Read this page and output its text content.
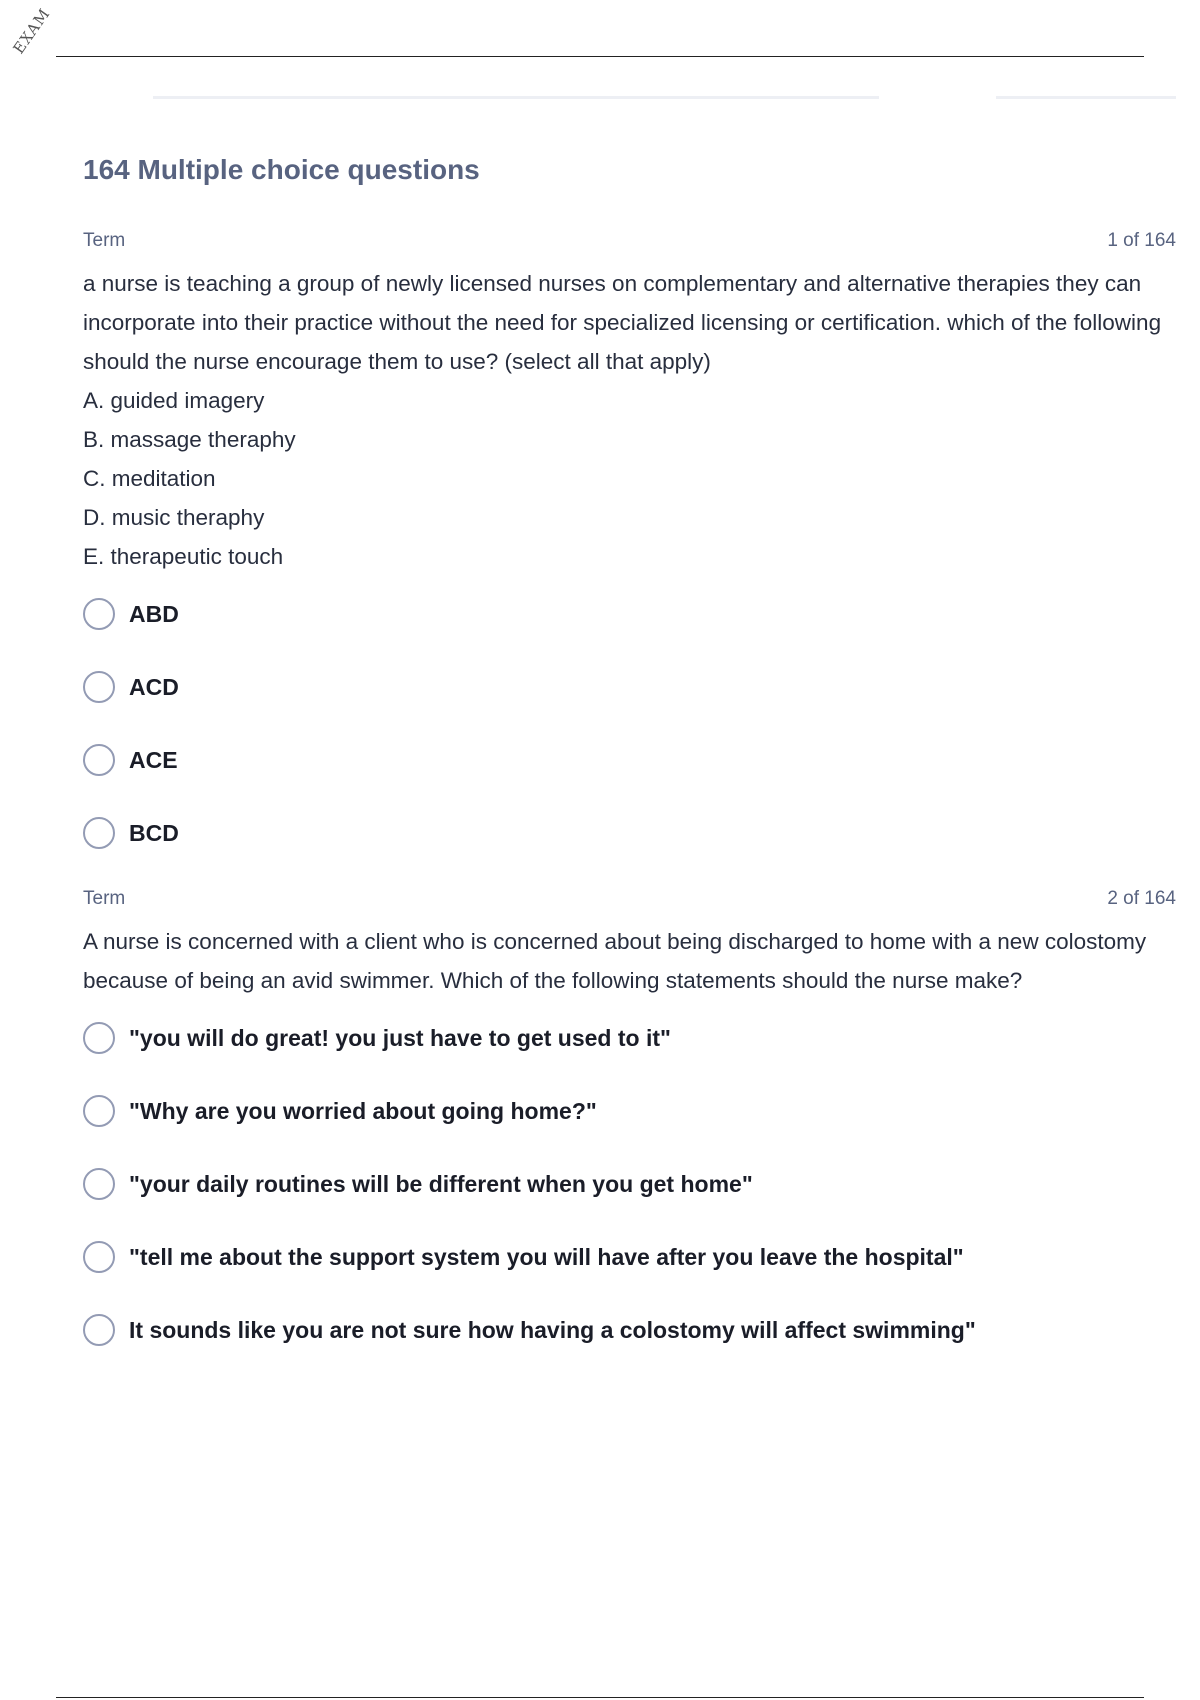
EXAM
164 Multiple choice questions
Term	1 of 164

a nurse is teaching a group of newly licensed nurses on complementary and alternative therapies they can incorporate into their practice without the need for specialized licensing or certification. which of the following should the nurse encourage them to use? (select all that apply)

A. guided imagery

B. massage theraphy

C. meditation

D. music theraphy

E. therapeutic touch

ABD
ACD
ACE
BCD
Term	2 of 164

A nurse is concerned with a client who is concerned about being discharged to home with a new colostomy because of being an avid swimmer. Which of the following statements should the nurse make?

"you will do great! you just have to get used to it"
"Why are you worried about going home?"
"your daily routines will be different when you get home"
"tell me about the support system you will have after you leave the hospital"
It sounds like you are not sure how having a colostomy will affect swimming"
